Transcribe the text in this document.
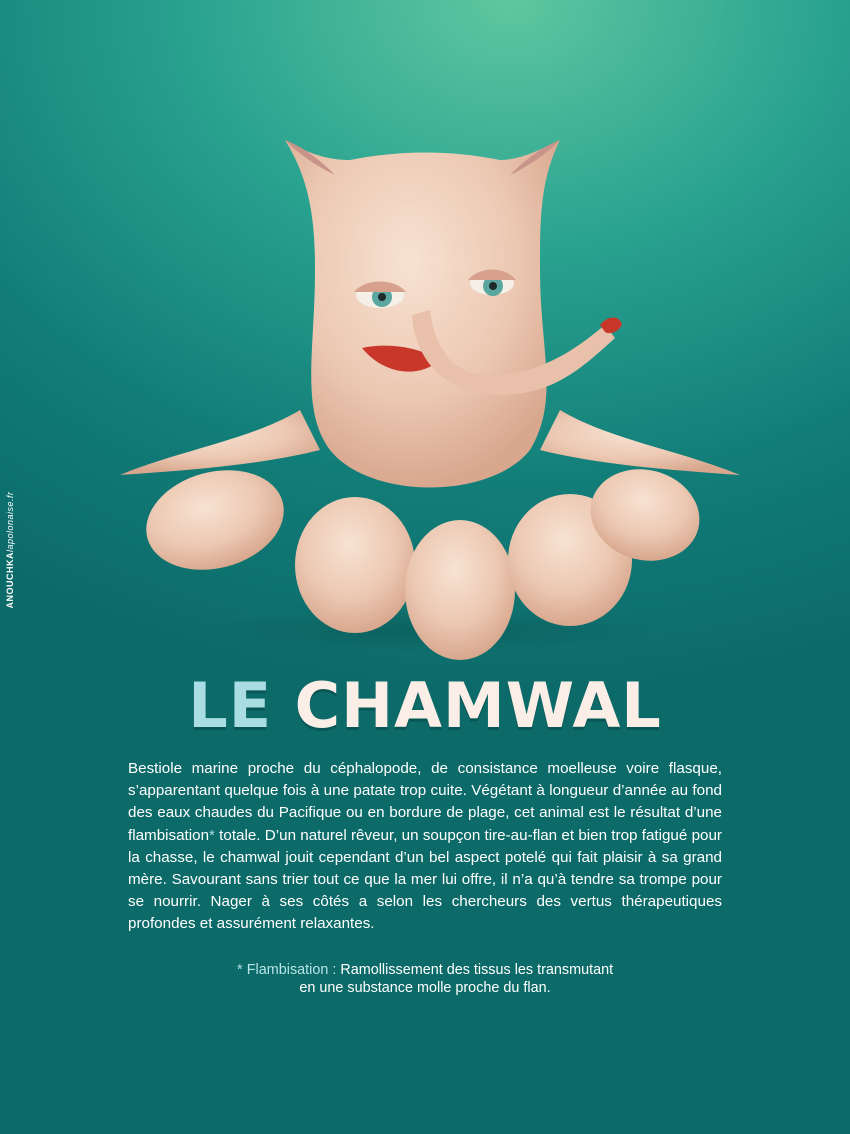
ANOUCHKAlapolonaise.fr
LE CHAMWAL
Bestiole marine proche du céphalopode, de consistance moelleuse voire flasque, s’apparentant quelque fois à une patate trop cuite. Végétant à longueur d’année au fond des eaux chaudes du Pacifique ou en bordure de plage, cet animal est le résultat d’une flambisation* totale. D’un naturel rêveur, un soupçon tire-au-flan et bien trop fatigué pour la chasse, le chamwal jouit cependant d’un bel aspect potelé qui fait plaisir à sa grand mère. Savourant sans trier tout ce que la mer lui offre, il n’a qu’à tendre sa trompe pour se nourrir. Nager à ses côtés a selon les chercheurs des vertus thérapeutiques profondes et assurément relaxantes.
* Flambisation : Ramollissement des tissus les transmutant
en une substance molle proche du flan.
